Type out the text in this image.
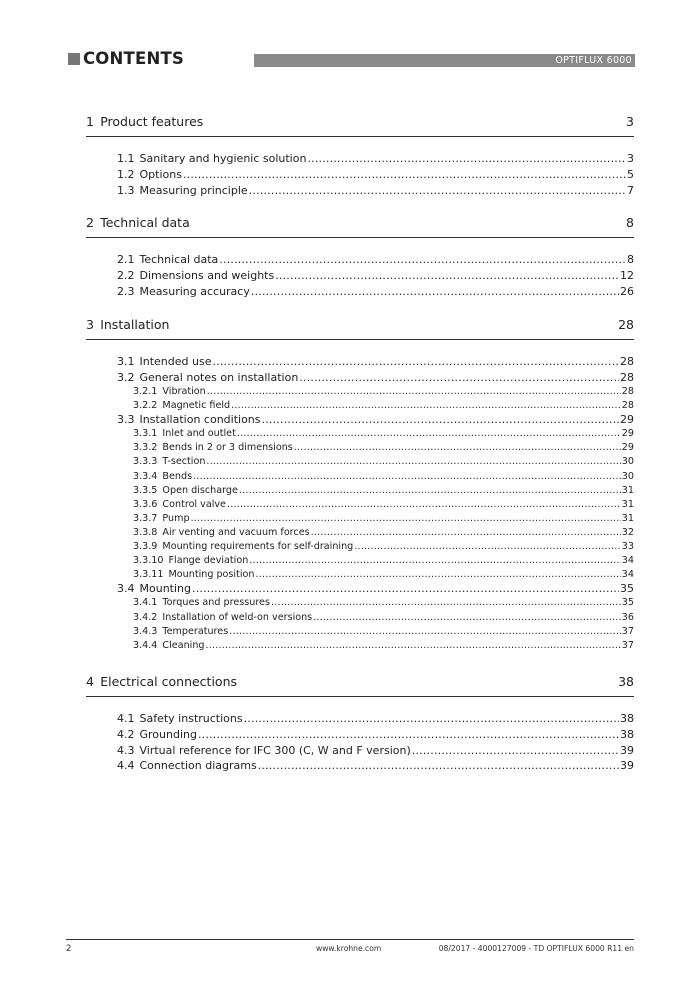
CONTENTS	OPTIFLUX 6000
1  Product features	3
1.1 Sanitary and hygienic solution .....	3
1.2 Options .....	5
1.3 Measuring principle .....	7
2  Technical data	8
2.1 Technical data .....	8
2.2 Dimensions and weights .....	12
2.3 Measuring accuracy .....	26
3  Installation	28
3.1 Intended use .....	28
3.2 General notes on installation .....	28
3.2.1 Vibration .....	28
3.2.2 Magnetic field .....	28
3.3 Installation conditions .....	29
3.3.1 Inlet and outlet .....	29
3.3.2 Bends in 2 or 3 dimensions .....	29
3.3.3 T-section .....	30
3.3.4 Bends .....	30
3.3.5 Open discharge .....	31
3.3.6 Control valve .....	31
3.3.7 Pump .....	31
3.3.8 Air venting and vacuum forces .....	32
3.3.9 Mounting requirements for self-draining .....	33
3.3.10 Flange deviation .....	34
3.3.11 Mounting position .....	34
3.4 Mounting .....	35
3.4.1 Torques and pressures .....	35
3.4.2 Installation of weld-on versions .....	36
3.4.3 Temperatures .....	37
3.4.4 Cleaning .....	37
4  Electrical connections	38
4.1 Safety instructions .....	38
4.2 Grounding .....	38
4.3 Virtual reference for IFC 300 (C, W and F version) .....	39
4.4 Connection diagrams .....	39
2	www.krohne.com	08/2017 - 4000127009 - TD OPTIFLUX 6000 R11 en
